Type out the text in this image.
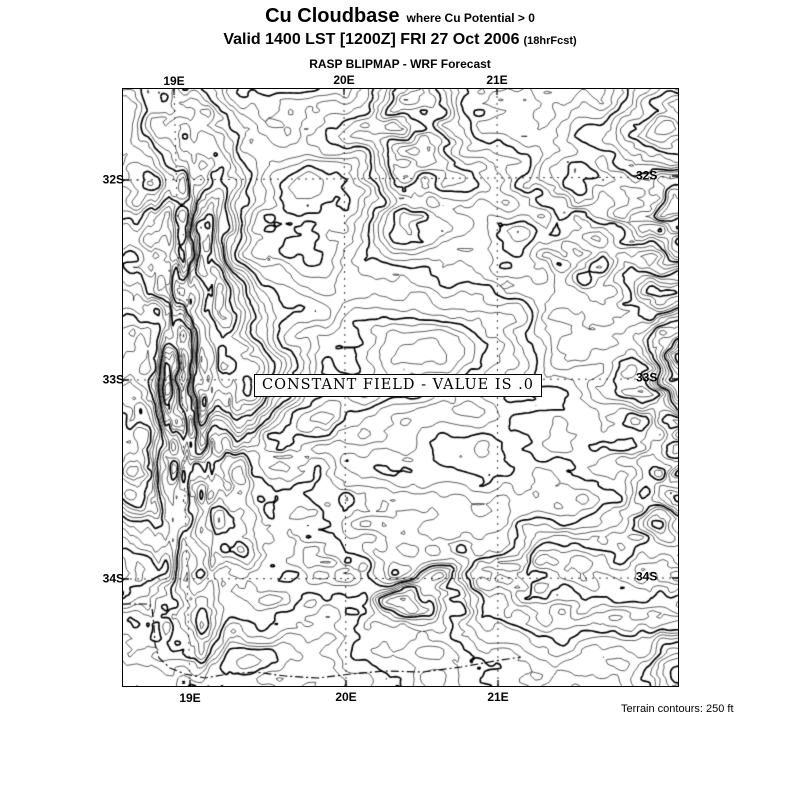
Cu Cloudbase where Cu Potential > 0
Valid 1400 LST [1200Z] FRI 27 Oct 2006 (18hrFcst)
RASP BLIPMAP - WRF Forecast
19E	20E	21E
19E	20E	21E
32S
33S
34S
32S
33S
34S
CONSTANT FIELD - VALUE IS .0
Terrain contours: 250 ft
